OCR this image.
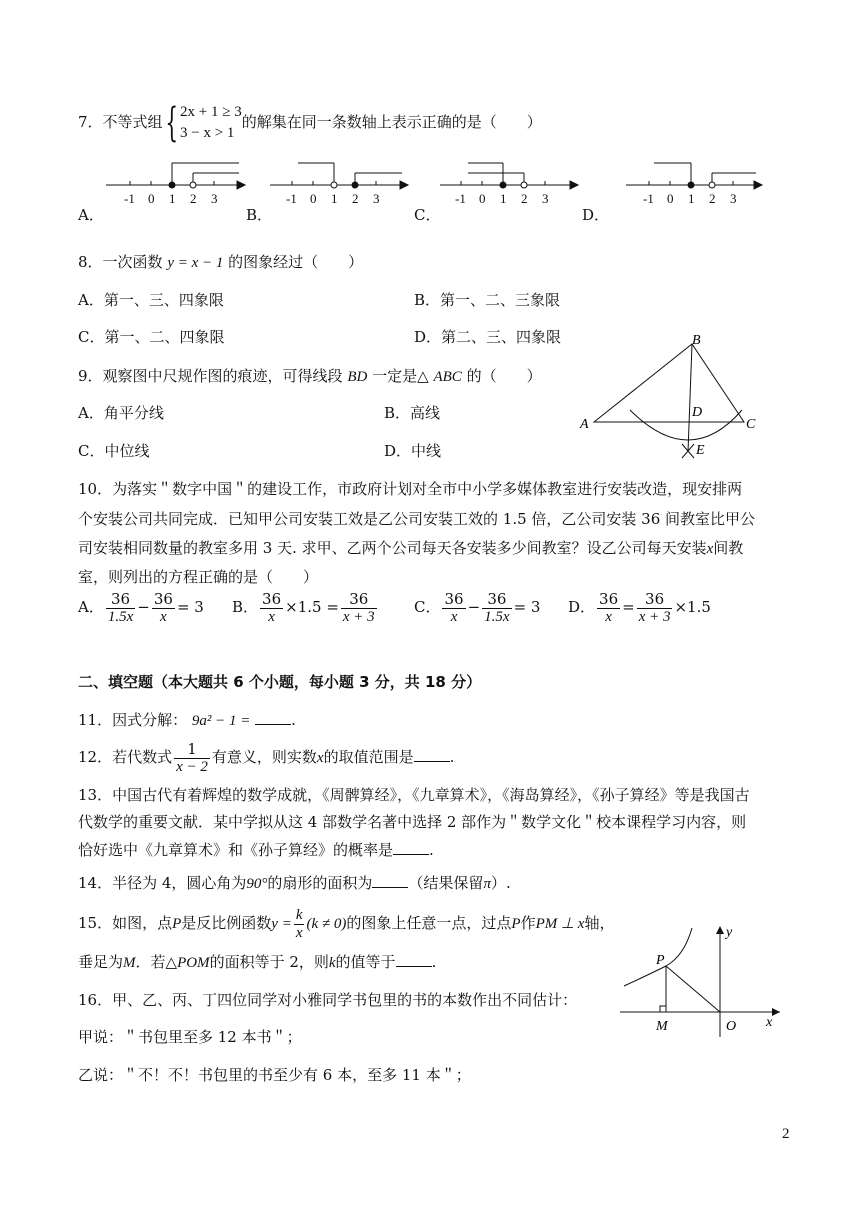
7．不等式组{ 2x + 1 ≥ 3
3 − x > 1
的解集在同一条数轴上表示正确的是（　　）
-1 0 1 2 3	-1 0 1 2 3	-1 0 1 2 3	-1 0 1 2 3
A．	B．	C．	D．
8．一次函数 y = x − 1 的图象经过（　　）
A．第一、三、四象限	B．第一、二、三象限
C．第一、二、四象限	D．第二、三、四象限
9．观察图中尺规作图的痕迹，可得线段 BD 一定是△ ABC 的（　　）
A．角平分线	B．高线
C．中位线	D．中线
B
A
D
C
E
10．为落实＂数字中国＂的建设工作，市政府计划对全市中小学多媒体教室进行安装改造，现安排两
个安装公司共同完成．已知甲公司安装工效是乙公司安装工效的 1.5 倍，乙公司安装 36 间教室比甲公
司安装相同数量的教室多用 3 天. 求甲、乙两个公司每天各安装多少间教室？设乙公司每天安装x间教
室，则列出的方程正确的是（　　）
A． $\frac{36}{1.5x} - \frac{36}{x} = 3$ B． $\frac{36}{x} \times 1.5 = \frac{36}{x + 3}$ C． $\frac{36}{x} - \frac{36}{1.5x} = 3$ D． $\frac{36}{x} = \frac{36}{x + 3} \times 1.5$
二、填空题（本大题共 6 个小题，每小题 3 分，共 18 分）
11．因式分解： 9a² − 1 =	.
12．若代数式 $\frac{1}{x - 2}$ 有意义，则实数x的取值范围是 .
13．中国古代有着辉煌的数学成就，《周髀算经》，《九章算术》，《海岛算经》，《孙子算经》等是我国古
代数学的重要文献．某中学拟从这 4 部数学名著中选择 2 部作为＂数学文化＂校本课程学习内容，则
恰好选中《九章算术》和《孙子算经》的概率是 .
14．半径为 4，圆心角为90°的扇形的面积为 （结果保留π）.
15．如图，点P是反比例函数$y = \frac{k}{x} (k \ne 0)$的图象上任意一点，过点P作PM ⊥ x轴，
垂足为M．若△POM的面积等于 2，则k的值等于 .
y
P
M	O x
16．甲、乙、丙、丁四位同学对小雅同学书包里的书的本数作出不同估计：
甲说：＂书包里至多 12 本书＂；
乙说：＂不！不！书包里的书至少有 6 本，至多 11 本＂；
2
